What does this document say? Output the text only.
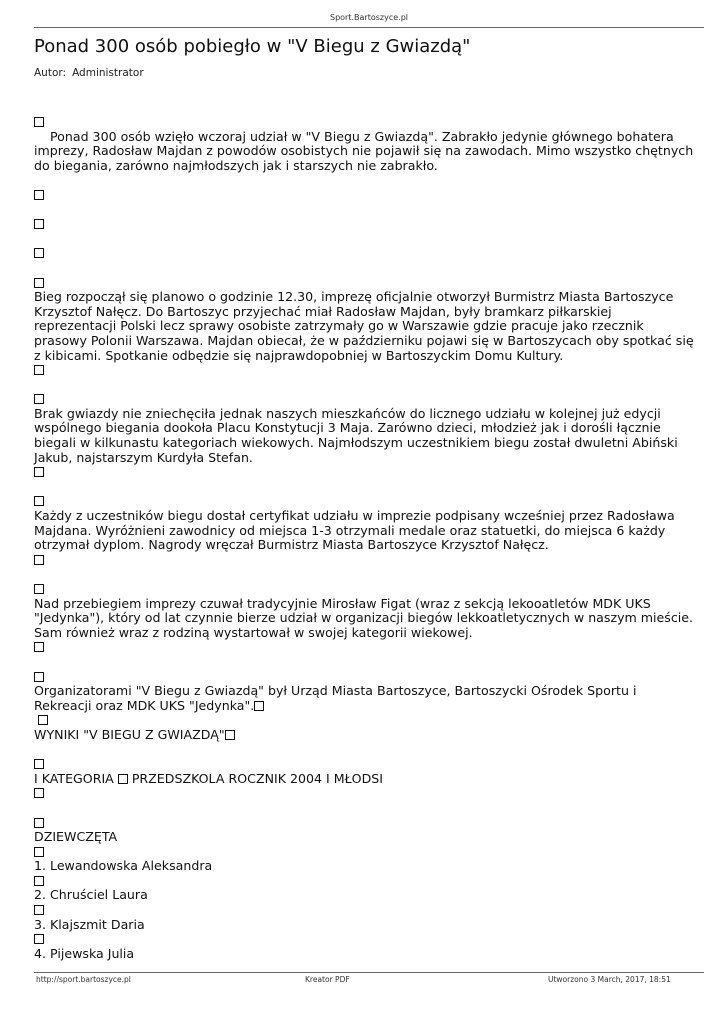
Sport.Bartoszyce.pl
Ponad 300 osób pobiegło w "V Biegu z Gwiazdą"
Autor: Administrator
Ponad 300 osób wzięło wczoraj udział w "V Biegu z Gwiazdą". Zabrakło jedynie głównego bohatera imprezy, Radosław Majdan z powodów osobistych nie pojawił się na zawodach. Mimo wszystko chętnych do biegania, zarówno najmłodszych jak i starszych nie zabrakło.
Bieg rozpoczął się planowo o godzinie 12.30, imprezę oficjalnie otworzył Burmistrz Miasta Bartoszyce Krzysztof Nałęcz. Do Bartoszyc przyjechać miał Radosław Majdan, były bramkarz piłkarskiej reprezentacji Polski lecz sprawy osobiste zatrzymały go w Warszawie gdzie pracuje jako rzecznik prasowy Polonii Warszawa. Majdan obiecał, że w październiku pojawi się w Bartoszycach oby spotkać się z kibicami. Spotkanie odbędzie się najprawdopobniej w Bartoszyckim Domu Kultury.
Brak gwiazdy nie zniechęciła jednak naszych mieszkańców do licznego udziału w kolejnej już edycji wspólnego biegania dookoła Placu Konstytucji 3 Maja. Zarówno dzieci, młodzież jak i dorośli łącznie biegali w kilkunastu kategoriach wiekowych. Najmłodszym uczestnikiem biegu został dwuletni Abiński Jakub, najstarszym Kurdyła Stefan.
Każdy z uczestników biegu dostał certyfikat udziału w imprezie podpisany wcześniej przez Radosława Majdana. Wyróżnieni zawodnicy od miejsca 1-3 otrzymali medale oraz statuetki, do miejsca 6 każdy otrzymał dyplom. Nagrody wręczał Burmistrz Miasta Bartoszyce Krzysztof Nałęcz.
Nad przebiegiem imprezy czuwał tradycyjnie Mirosław Figat (wraz z sekcją lekooatletów MDK UKS "Jedynka"), który od lat czynnie bierze udział w organizacji biegów lekkoatletycznych w naszym mieście. Sam również wraz z rodziną wystartował w swojej kategorii wiekowej.
Organizatorami "V Biegu z Gwiazdą" był Urząd Miasta Bartoszyce, Bartoszycki Ośrodek Sportu i Rekreacji oraz MDK UKS "Jedynka".

WYNIKI "V BIEGU Z GWIAZDĄ"
I KATEGORIA PRZEDSZKOLA ROCZNIK 2004 I MŁODSI
DZIEWCZĘTA
1. Lewandowska Aleksandra
2. Chruściel Laura
3. Klajszmit Daria
4. Pijewska Julia
http://sport.bartoszyce.pl	Kreator PDF	Utworzono 3 March, 2017, 18:51
